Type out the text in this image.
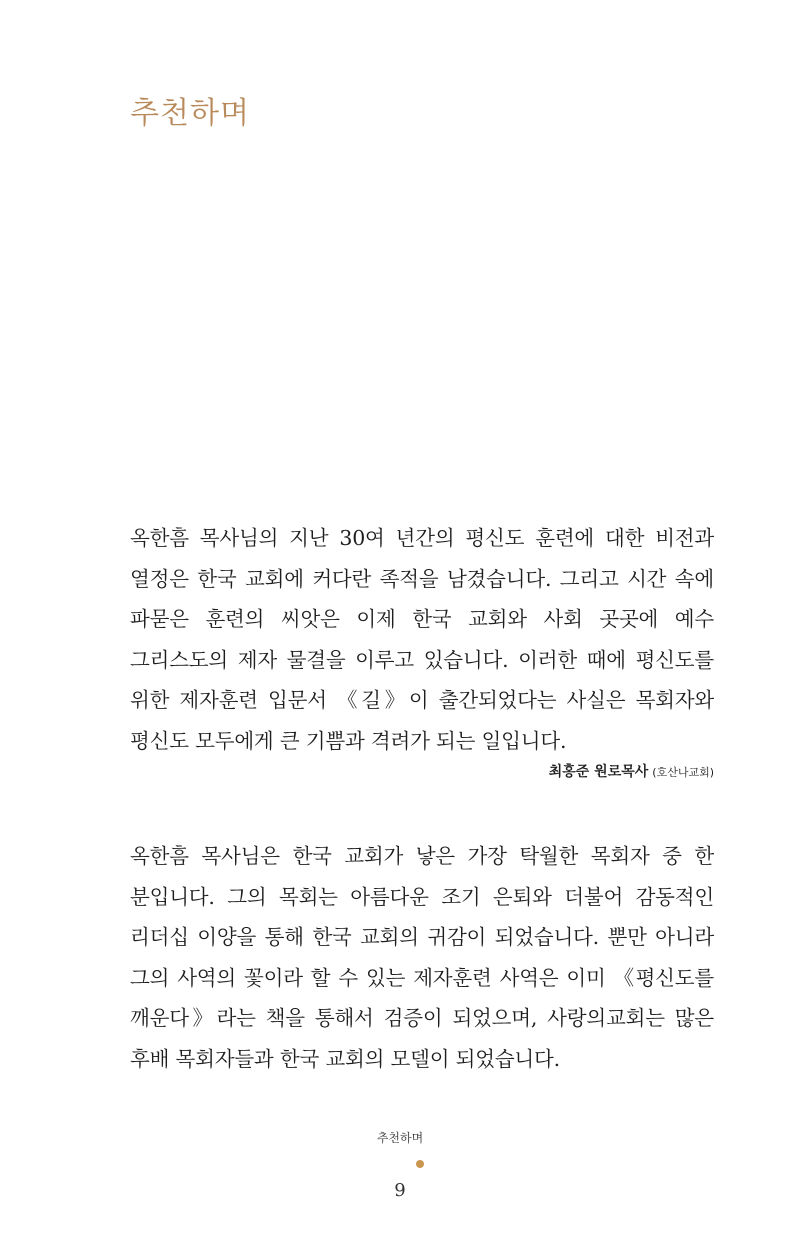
추천하며

옥한흠 목사님의 지난 30여 년간의 평신도 훈련에 대한 비전과 열정은 한국 교회에 커다란 족적을 남겼습니다. 그리고 시간 속에 파묻은 훈련의 씨앗은 이제 한국 교회와 사회 곳곳에 예수 그리스도의 제자 물결을 이루고 있습니다. 이러한 때에 평신도를 위한 제자훈련 입문서 《길》이 출간되었다는 사실은 목회자와 평신도 모두에게 큰 기쁨과 격려가 되는 일입니다.

최홍준 원로목사 (호산나교회)

옥한흠 목사님은 한국 교회가 낳은 가장 탁월한 목회자 중 한 분입니다. 그의 목회는 아름다운 조기 은퇴와 더불어 감동적인 리더십 이양을 통해 한국 교회의 귀감이 되었습니다. 뿐만 아니라 그의 사역의 꽃이라 할 수 있는 제자훈련 사역은 이미 《평신도를 깨운다》라는 책을 통해서 검증이 되었으며, 사랑의교회는 많은 후배 목회자들과 한국 교회의 모델이 되었습니다.

추천하며
9
